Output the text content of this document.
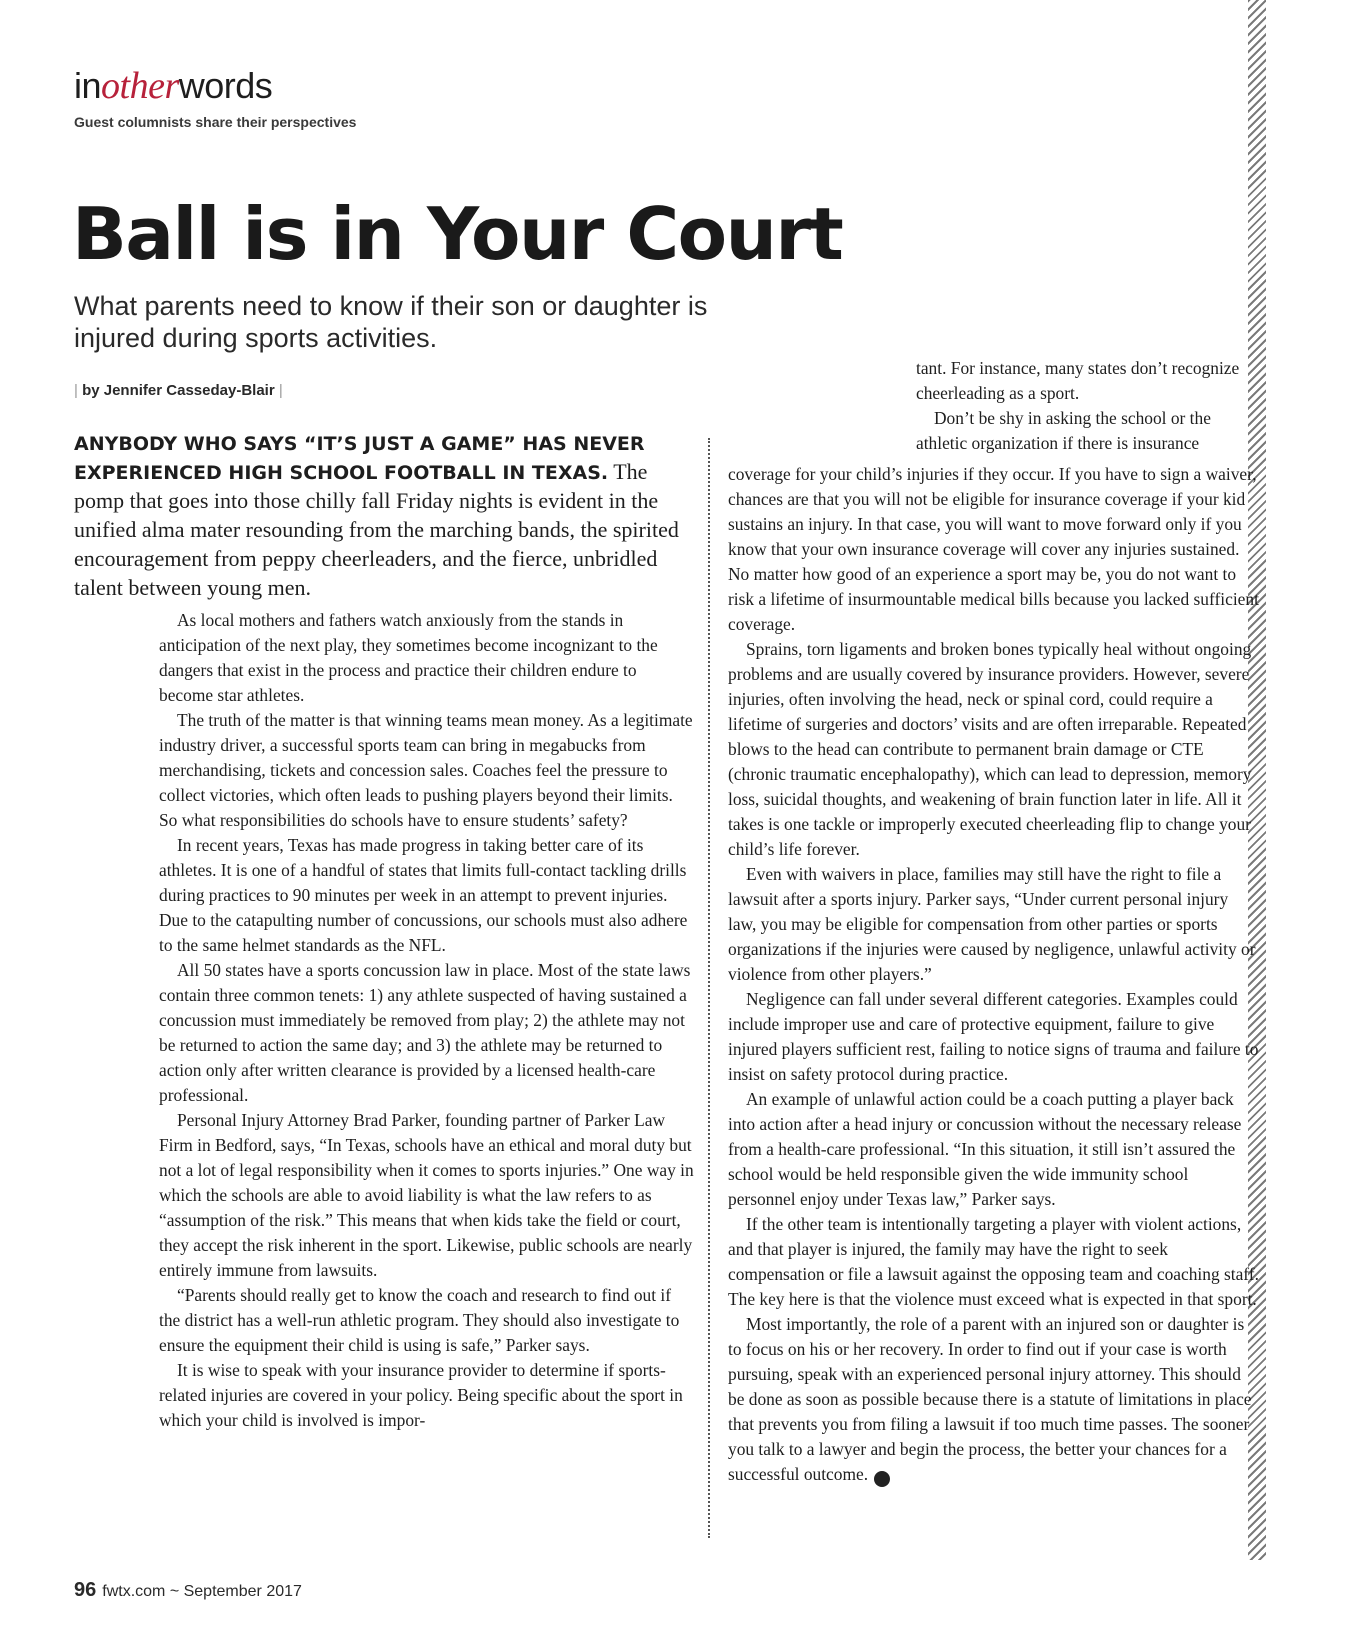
inotherwords
Guest columnists share their perspectives
Ball is in Your Court
What parents need to know if their son or daughter is injured during sports activities.
| by Jennifer Casseday-Blair |
ANYBODY WHO SAYS “IT’S JUST A GAME” HAS NEVER EXPERIENCED HIGH SCHOOL FOOTBALL IN TEXAS. The pomp that goes into those chilly fall Friday nights is evident in the unified alma mater resounding from the marching bands, the spirited encouragement from peppy cheerleaders, and the fierce, unbridled talent between young men.

As local mothers and fathers watch anxiously from the stands in anticipation of the next play, they sometimes become incognizant to the dangers that exist in the process and practice their children endure to become star athletes.

The truth of the matter is that winning teams mean money. As a legitimate industry driver, a successful sports team can bring in megabucks from merchandising, tickets and concession sales. Coaches feel the pressure to collect victories, which often leads to pushing players beyond their limits. So what responsibilities do schools have to ensure students’ safety?

In recent years, Texas has made progress in taking better care of its athletes. It is one of a handful of states that limits full-contact tackling drills during practices to 90 minutes per week in an attempt to prevent injuries. Due to the catapulting number of concussions, our schools must also adhere to the same helmet standards as the NFL.

All 50 states have a sports concussion law in place. Most of the state laws contain three common tenets: 1) any athlete suspected of having sustained a concussion must immediately be removed from play; 2) the athlete may not be returned to action the same day; and 3) the athlete may be returned to action only after written clearance is provided by a licensed health-care professional.

Personal Injury Attorney Brad Parker, founding partner of Parker Law Firm in Bedford, says, “In Texas, schools have an ethical and moral duty but not a lot of legal responsibility when it comes to sports injuries.” One way in which the schools are able to avoid liability is what the law refers to as “assumption of the risk.” This means that when kids take the field or court, they accept the risk inherent in the sport. Likewise, public schools are nearly entirely immune from lawsuits.

“Parents should really get to know the coach and research to find out if the district has a well-run athletic program. They should also investigate to ensure the equipment their child is using is safe,” Parker says.

It is wise to speak with your insurance provider to determine if sports-related injuries are covered in your policy. Being specific about the sport in which your child is involved is impor-

tant. For instance, many states don’t recognize cheerleading as a sport.

Don’t be shy in asking the school or the athletic organization if there is insurance

coverage for your child’s injuries if they occur. If you have to sign a waiver, chances are that you will not be eligible for insurance coverage if your kid sustains an injury. In that case, you will want to move forward only if you know that your own insurance coverage will cover any injuries sustained. No matter how good of an experience a sport may be, you do not want to risk a lifetime of insurmountable medical bills because you lacked sufficient coverage.

Sprains, torn ligaments and broken bones typically heal without ongoing problems and are usually covered by insurance providers. However, severe injuries, often involving the head, neck or spinal cord, could require a lifetime of surgeries and doctors’ visits and are often irreparable. Repeated blows to the head can contribute to permanent brain damage or CTE (chronic traumatic encephalopathy), which can lead to depression, memory loss, suicidal thoughts, and weakening of brain function later in life. All it takes is one tackle or improperly executed cheerleading flip to change your child’s life forever.

Even with waivers in place, families may still have the right to file a lawsuit after a sports injury. Parker says, “Under current personal injury law, you may be eligible for compensation from other parties or sports organizations if the injuries were caused by negligence, unlawful activity or violence from other players.”

Negligence can fall under several different categories. Examples could include improper use and care of protective equipment, failure to give injured players sufficient rest, failing to notice signs of trauma and failure to insist on safety protocol during practice.

An example of unlawful action could be a coach putting a player back into action after a head injury or concussion without the necessary release from a health-care professional. “In this situation, it still isn’t assured the school would be held responsible given the wide immunity school personnel enjoy under Texas law,” Parker says.

If the other team is intentionally targeting a player with violent actions, and that player is injured, the family may have the right to seek compensation or file a lawsuit against the opposing team and coaching staff. The key here is that the violence must exceed what is expected in that sport.

Most importantly, the role of a parent with an injured son or daughter is to focus on his or her recovery. In order to find out if your case is worth pursuing, speak with an experienced personal injury attorney. This should be done as soon as possible because there is a statute of limitations in place that prevents you from filing a lawsuit if too much time passes. The sooner you talk to a lawyer and begin the process, the better your chances for a successful outcome.	▶

96 fwtx.com ~ September 2017
